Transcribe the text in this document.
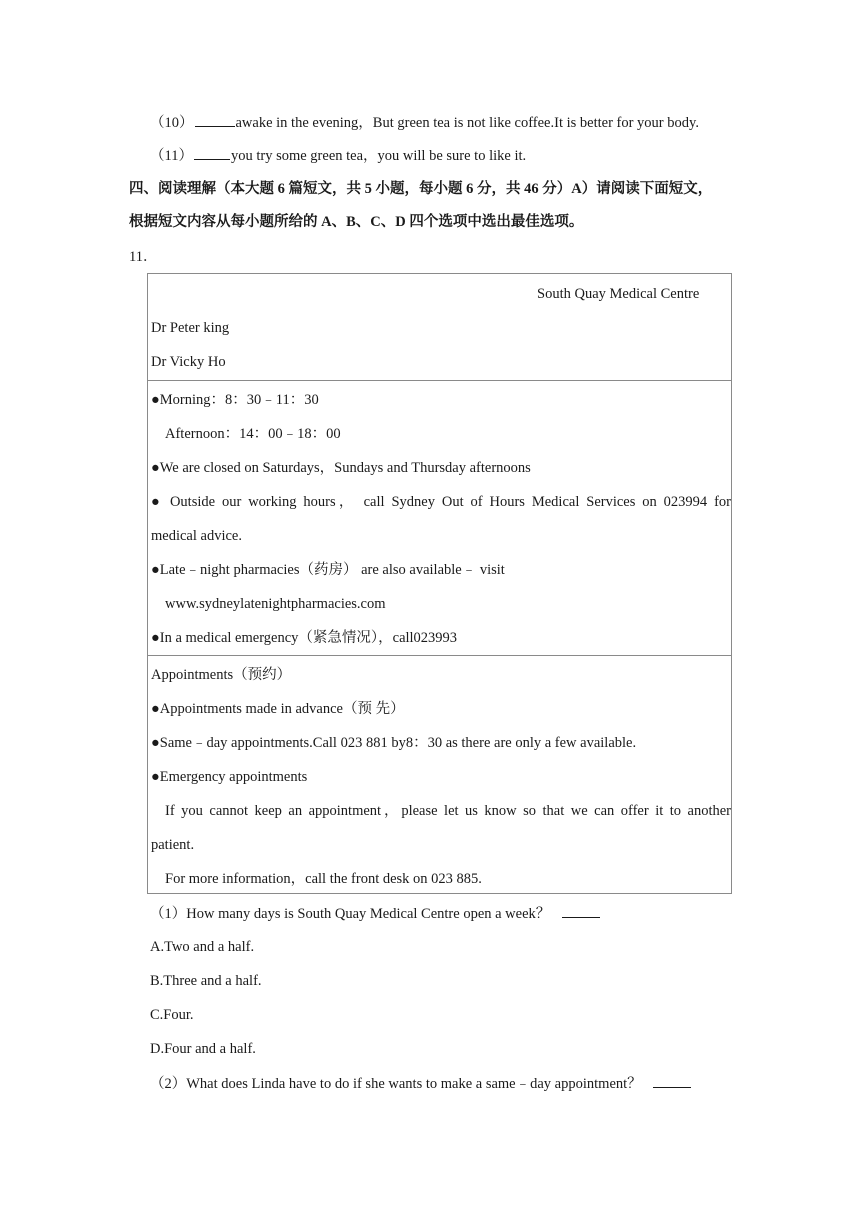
（10）	awake in the evening，But green tea is not like coffee.It is better for your body.
（11）	you try some green tea，you will be sure to like it.
四、阅读理解（本大题 6 篇短文，共 5 小题，每小题 6 分，共 46 分）A）请阅读下面短文，
根据短文内容从每小题所给的 A、B、C、D 四个选项中选出最佳选项。
11．
South Quay Medical Centre
Dr Peter king
Dr Vicky Ho
●Morning：8：30﹣11：30
Afternoon：14：00﹣18：00
●We are closed on Saturdays，Sundays and Thursday afternoons
● Outside our working hours， call Sydney Out of Hours Medical Services on 023994 for
medical advice.
●Late﹣night pharmacies（药房） are also available﹣ visit
www.sydneylatenightpharmacies.com
●In a medical emergency（紧急情况），call023993
Appointments（预约）
●Appointments made in advance（预 先）
●Same﹣day appointments.Call 023 881 by8：30 as there are only a few available.
●Emergency appointments
If you cannot keep an appointment，please let us know so that we can offer it to another
patient.
For more information，call the front desk on 023 885.
（1）How many days is South Quay Medical Centre open a week？
A.Two and a half.
B.Three and a half.
C.Four.
D.Four and a half.
（2）What does Linda have to do if she wants to make a same﹣day appointment？
